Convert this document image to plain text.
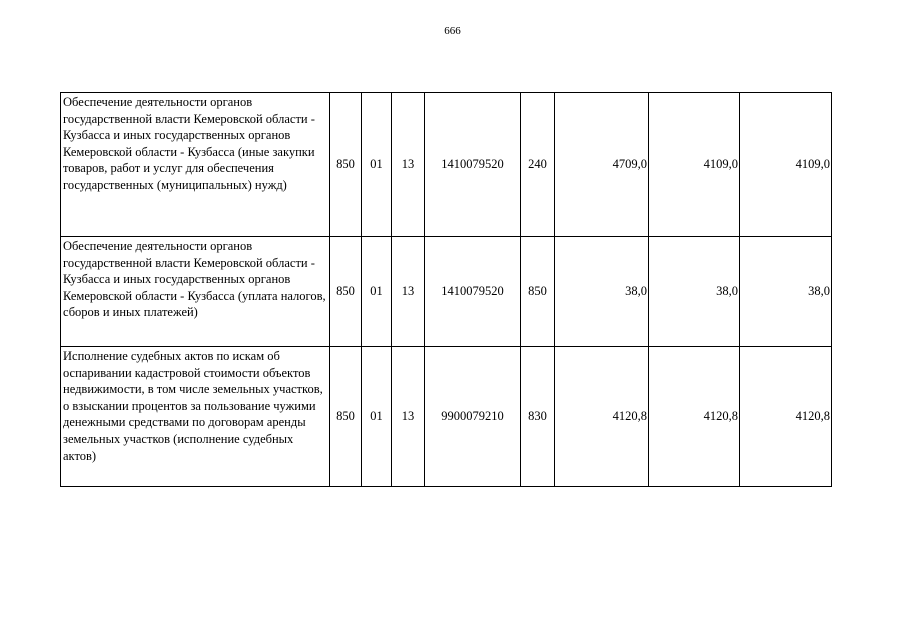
666
Обеспечение деятельности органов государственной власти Кемеровской области - Кузбасса и иных государственных органов Кемеровской области - Кузбасса (иные закупки товаров, работ и услуг для обеспечения государственных (муниципальных) нужд)	850	01	13	1410079520	240	4709,0	4109,0	4109,0
Обеспечение деятельности органов государственной власти Кемеровской области - Кузбасса и иных государственных органов Кемеровской области - Кузбасса (уплата налогов, сборов и иных платежей)	850	01	13	1410079520	850	38,0	38,0	38,0
Исполнение судебных актов по искам об оспаривании кадастровой стоимости объектов недвижимости, в том числе земельных участков, о взыскании процентов за пользование чужими денежными средствами по договорам аренды земельных участков (исполнение судебных актов)	850	01	13	9900079210	830	4120,8	4120,8	4120,8
